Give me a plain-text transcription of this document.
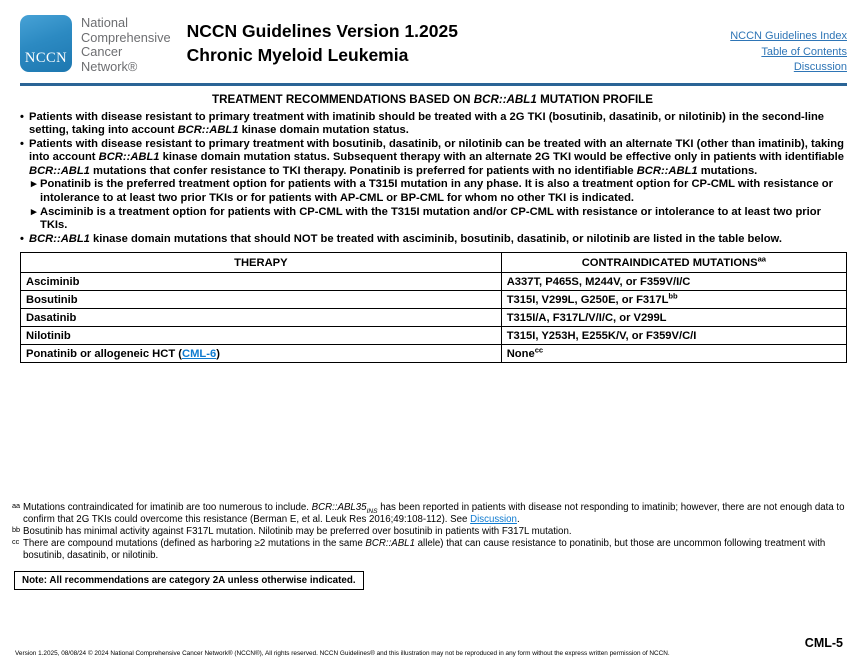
NCCN
National
Comprehensive
Cancer
Network®
NCCN Guidelines Version 1.2025
Chronic Myeloid Leukemia
NCCN Guidelines Index
Table of Contents
Discussion
TREATMENT RECOMMENDATIONS BASED ON BCR::ABL1 MUTATION PROFILE
• Patients with disease resistant to primary treatment with imatinib should be treated with a 2G TKI (bosutinib, dasatinib, or nilotinib) in the second-line setting, taking into account BCR::ABL1 kinase domain mutation status.
• Patients with disease resistant to primary treatment with bosutinib, dasatinib, or nilotinib can be treated with an alternate TKI (other than imatinib), taking into account BCR::ABL1 kinase domain mutation status. Subsequent therapy with an alternate 2G TKI would be effective only in patients with identifiable BCR::ABL1 mutations that confer resistance to TKI therapy. Ponatinib is preferred for patients with no identifiable BCR::ABL1 mutations.
▸ Ponatinib is the preferred treatment option for patients with a T315I mutation in any phase. It is also a treatment option for CP-CML with resistance or intolerance to at least two prior TKIs or for patients with AP-CML or BP-CML for whom no other TKI is indicated.
▸ Asciminib is a treatment option for patients with CP-CML with the T315I mutation and/or CP-CML with resistance or intolerance to at least two prior TKIs.
• BCR::ABL1 kinase domain mutations that should NOT be treated with asciminib, bosutinib, dasatinib, or nilotinib are listed in the table below.
THERAPY	CONTRAINDICATED $MUTATIONS^{aa}$
Asciminib	A337T, P465S, M244V, or F359V/I/C
Bosutinib	T315I, V299L, G250E, or $F317L^{bb}$
Dasatinib	T315I/A, F317L/V/I/C, or V299L
Nilotinib	T315I, Y253H, E255K/V, or F359V/C/I
Ponatinib or allogeneic HCT (CML-6)	None$^{cc}$
aa Mutations contraindicated for imatinib are too numerous to include. $BCR::ABL35_{INS}$ has been reported in patients with disease not responding to imatinib; however, there are not enough data to confirm that 2G TKIs could overcome this resistance (Berman E, et al. Leuk Res 2016;49:108-112). See Discussion.
bb Bosutinib has minimal activity against F317L mutation. Nilotinib may be preferred over bosutinib in patients with F317L mutation.
cc There are compound mutations (defined as harboring ≥2 mutations in the same BCR::ABL1 allele) that can cause resistance to ponatinib, but those are uncommon following treatment with bosutinib, dasatinib, or nilotinib.
Note: All recommendations are category 2A unless otherwise indicated.
Version 1.2025, 08/08/24 © 2024 National Comprehensive Cancer Network® (NCCN®), All rights reserved. NCCN Guidelines® and this illustration may not be reproduced in any form without the express written permission of NCCN.
CML-5
